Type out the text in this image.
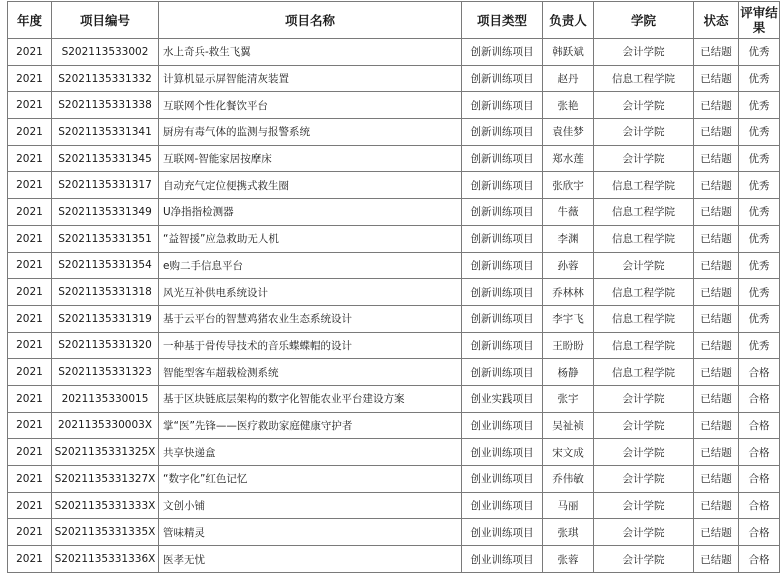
年度	项目编号	项目名称	项目类型	负责人	学院	状态	评审结果
2021	S202113533002	水上奇兵-救生飞翼	创新训练项目	韩跃斌	会计学院	已结题	优秀
2021	S2021135331332	计算机显示屏智能清灰装置	创新训练项目	赵丹	信息工程学院	已结题	优秀
2021	S2021135331338	互联网个性化餐饮平台	创新训练项目	张艳	会计学院	已结题	优秀
2021	S2021135331341	厨房有毒气体的监测与报警系统	创新训练项目	袁佳梦	会计学院	已结题	优秀
2021	S2021135331345	互联网-智能家居按摩床	创新训练项目	郑水莲	会计学院	已结题	优秀
2021	S2021135331317	自动充气定位便携式救生圈	创新训练项目	张欣宇	信息工程学院	已结题	优秀
2021	S2021135331349	U净指指检测器	创新训练项目	牛薇	信息工程学院	已结题	优秀
2021	S2021135331351	“益智援”应急救助无人机	创新训练项目	李渊	信息工程学院	已结题	优秀
2021	S2021135331354	e购二手信息平台	创新训练项目	孙蓉	会计学院	已结题	优秀
2021	S2021135331318	风光互补供电系统设计	创新训练项目	乔林林	信息工程学院	已结题	优秀
2021	S2021135331319	基于云平台的智慧鸡猪农业生态系统设计	创新训练项目	李宇飞	信息工程学院	已结题	优秀
2021	S2021135331320	一种基于骨传导技术的音乐蝶蝶帽的设计	创新训练项目	王盼盼	信息工程学院	已结题	优秀
2021	S2021135331323	智能型客车超载检测系统	创新训练项目	杨静	信息工程学院	已结题	合格
2021	2021135330015	基于区块链底层架构的数字化智能农业平台建设方案	创业实践项目	张宇	会计学院	已结题	合格
2021	2021135330003X	掌“医”先锋——医疗救助家庭健康守护者	创业训练项目	吴祉祯	会计学院	已结题	合格
2021	S2021135331325X	共享快递盒	创业训练项目	宋文成	会计学院	已结题	合格
2021	S2021135331327X	“数字化”红色记忆	创业训练项目	乔伟敏	会计学院	已结题	合格
2021	S2021135331333X	文创小铺	创业训练项目	马丽	会计学院	已结题	合格
2021	S2021135331335X	管味精灵	创业训练项目	张琪	会计学院	已结题	合格
2021	S2021135331336X	医孝无忧	创业训练项目	张蓉	会计学院	已结题	合格
